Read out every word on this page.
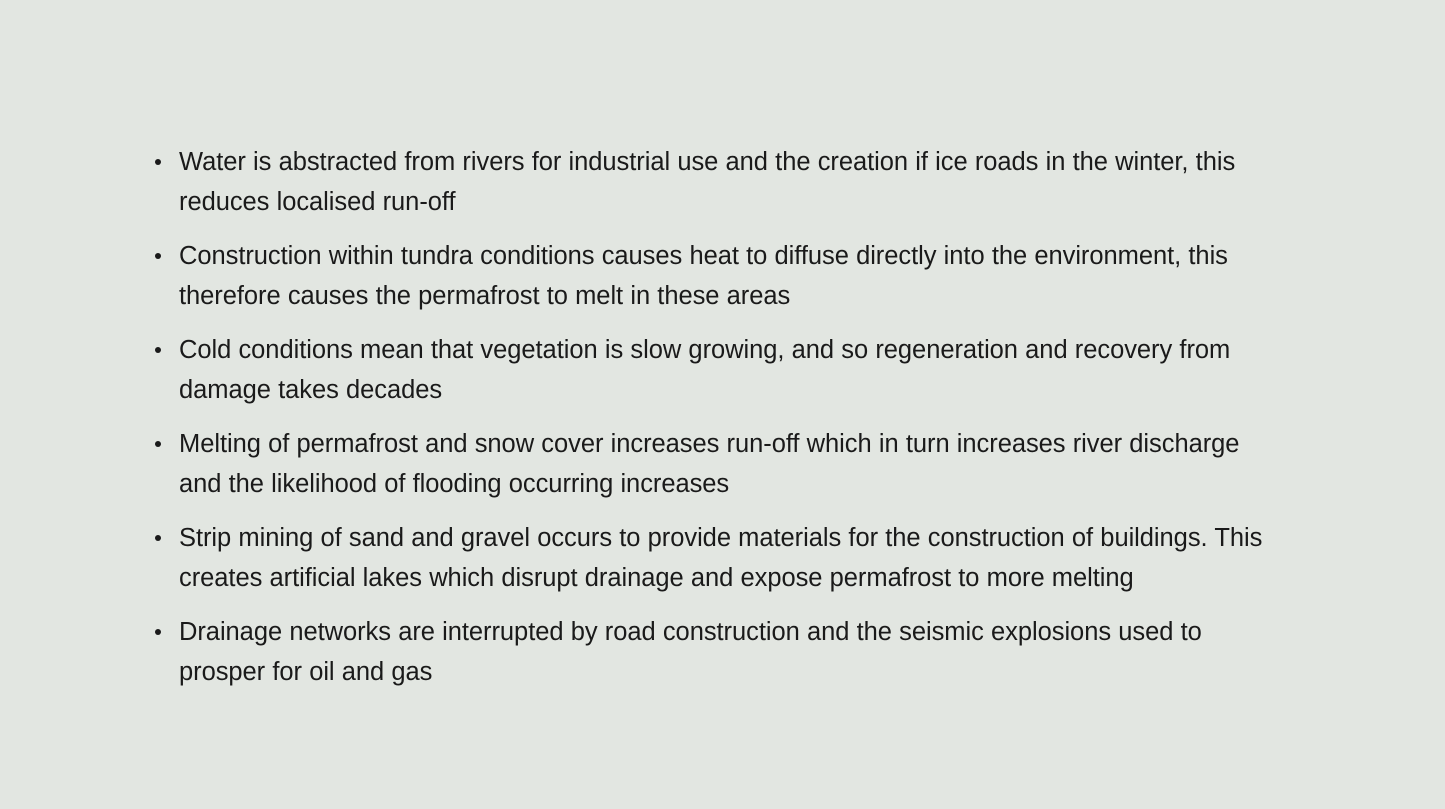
Water is abstracted from rivers for industrial use and the creation if ice roads in the winter, this reduces localised run-off
Construction within tundra conditions causes heat to diffuse directly into the environment, this therefore causes the permafrost to melt in these areas
Cold conditions mean that vegetation is slow growing, and so regeneration and recovery from damage takes decades
Melting of permafrost and snow cover increases run-off which in turn increases river discharge and the likelihood of flooding occurring increases
Strip mining of sand and gravel occurs to provide materials for the construction of buildings. This creates artificial lakes which disrupt drainage and expose permafrost to more melting
Drainage networks are interrupted by road construction and the seismic explosions used to prosper for oil and gas
